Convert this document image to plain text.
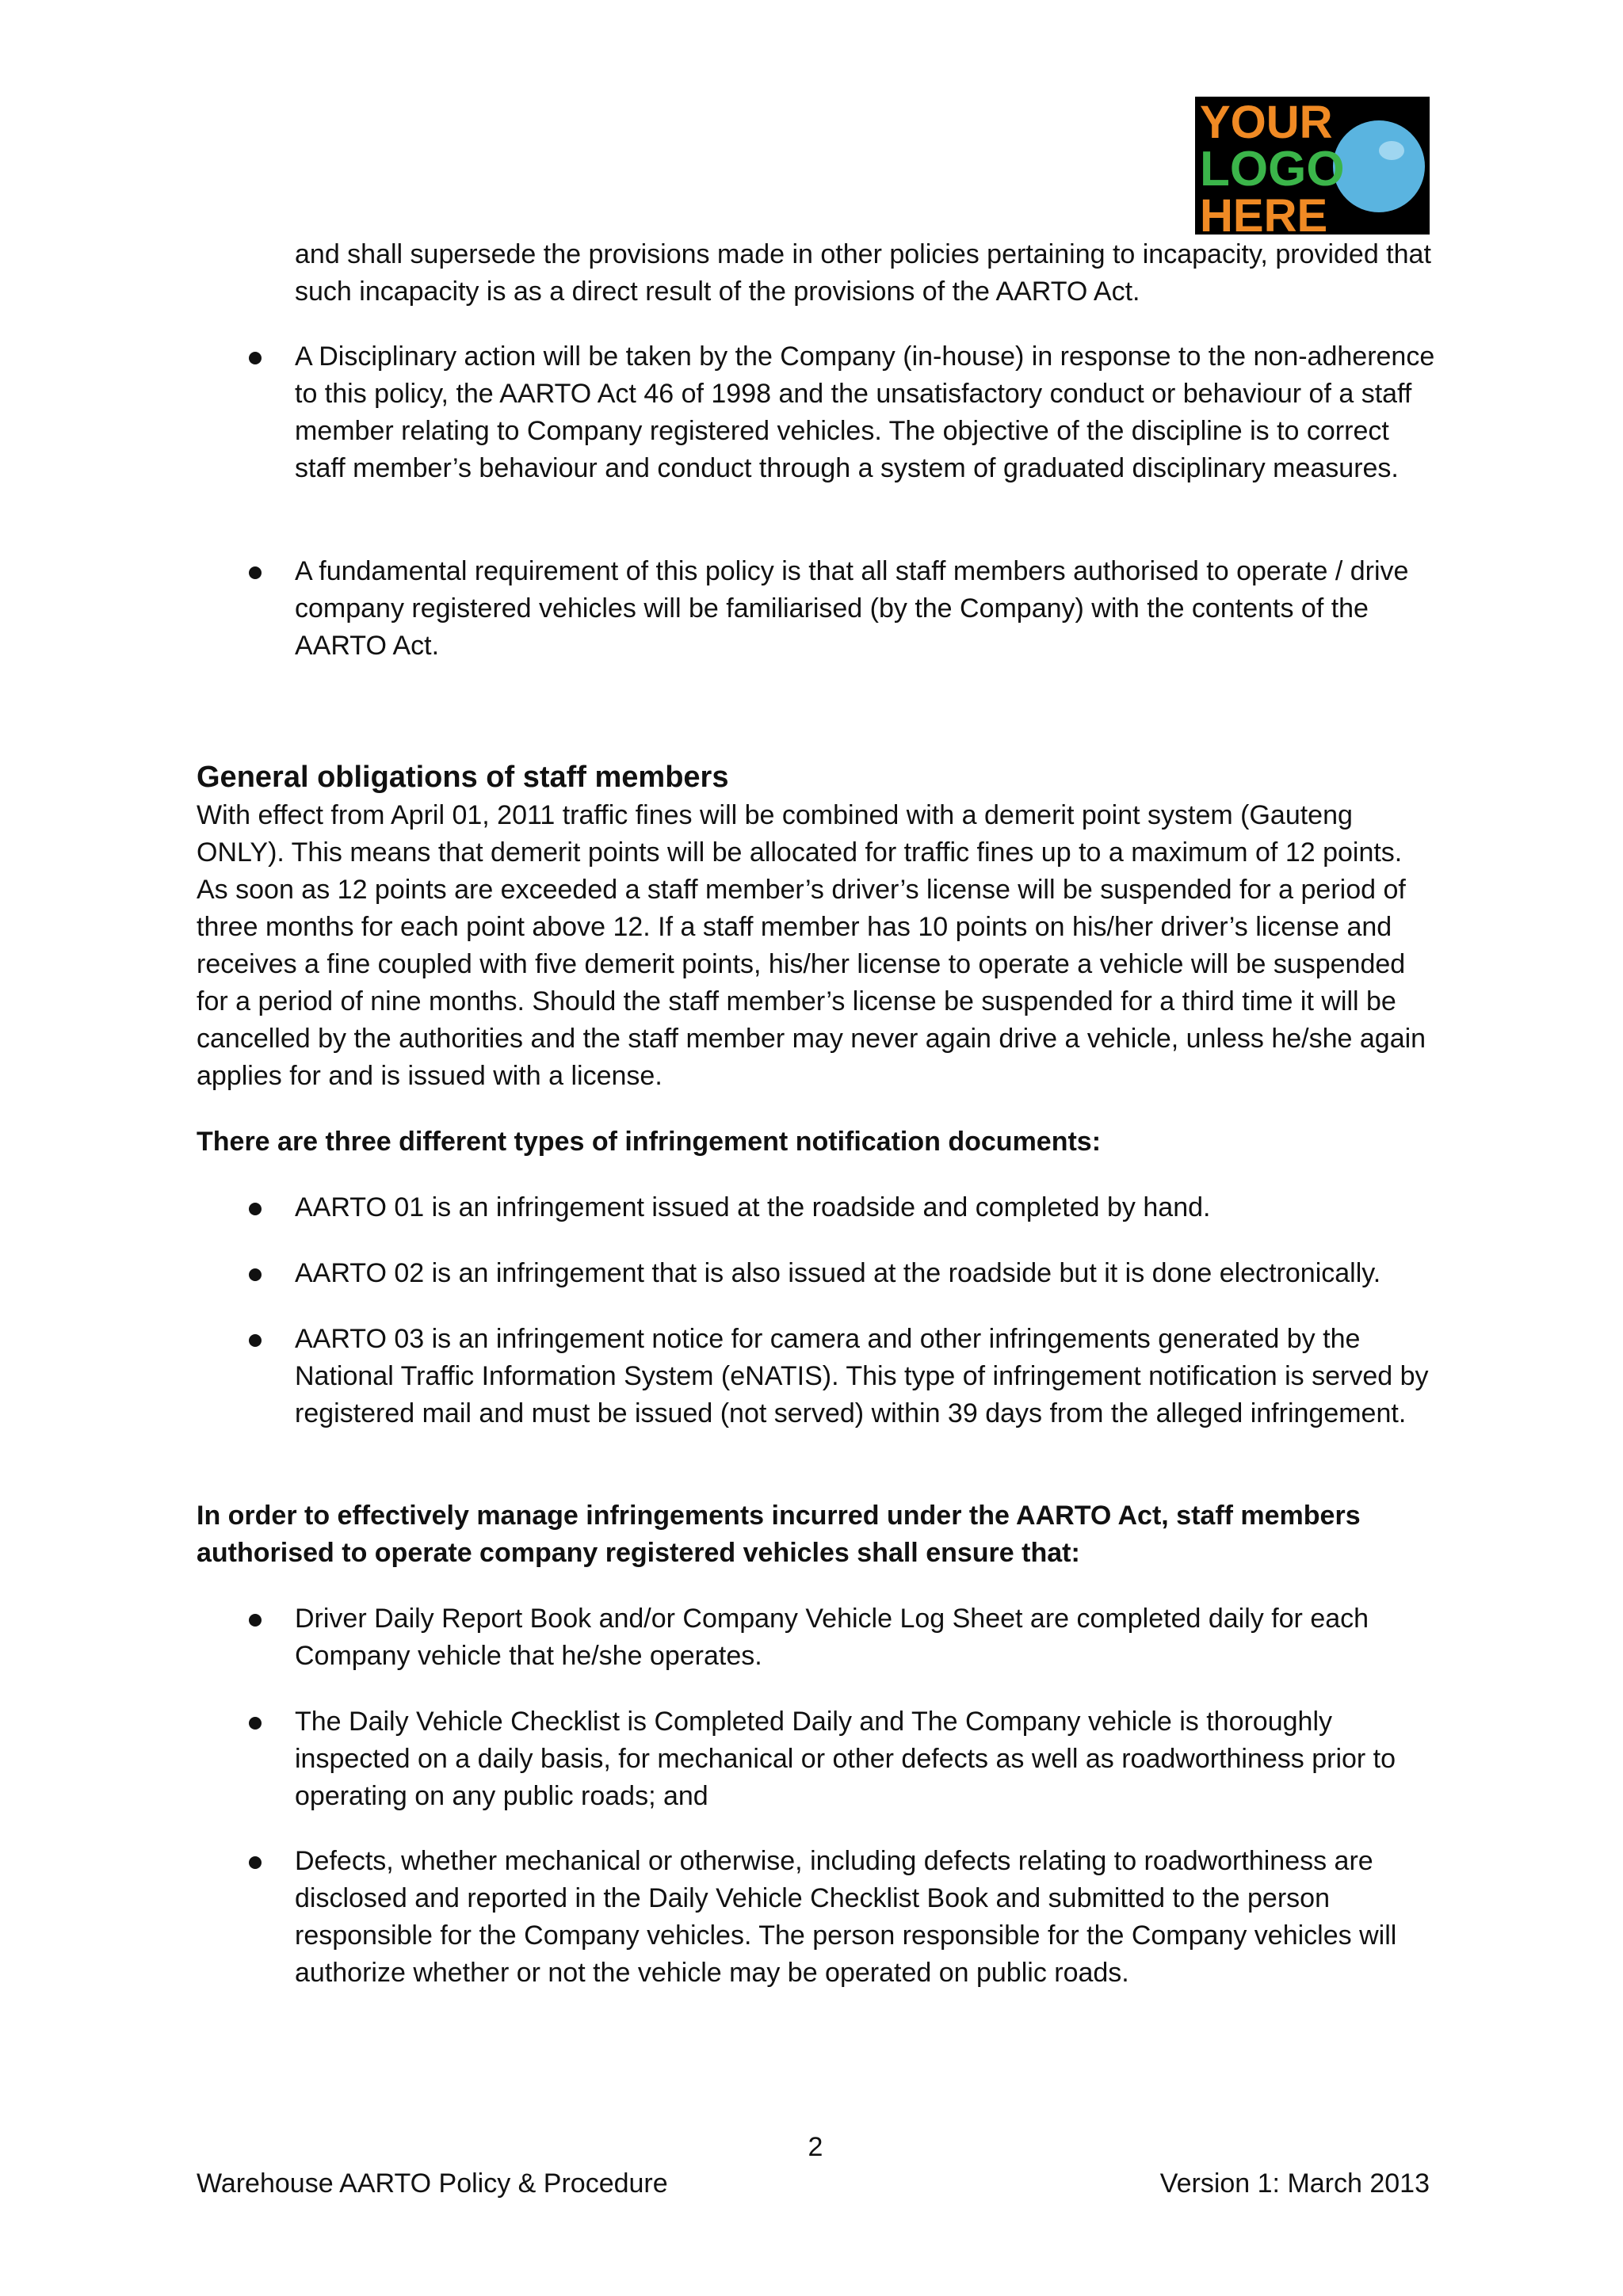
YOUR
LOGO
HERE

and shall supersede the provisions made in other policies pertaining to incapacity, provided that such incapacity is as a direct result of the provisions of the AARTO Act.

A Disciplinary action will be taken by the Company (in-house) in response to the non-adherence to this policy, the AARTO Act 46 of 1998 and the unsatisfactory conduct or behaviour of a staff member relating to Company registered vehicles. The objective of the discipline is to correct staff member’s behaviour and conduct through a system of graduated disciplinary measures.

A fundamental requirement of this policy is that all staff members authorised to operate / drive company registered vehicles will be familiarised (by the Company) with the contents of the AARTO Act.

General obligations of staff members

With effect from April 01, 2011 traffic fines will be combined with a demerit point system (Gauteng ONLY). This means that demerit points will be allocated for traffic fines up to a maximum of 12 points. As soon as 12 points are exceeded a staff member’s driver’s license will be suspended for a period of three months for each point above 12. If a staff member has 10 points on his/her driver’s license and receives a fine coupled with five demerit points, his/her license to operate a vehicle will be suspended for a period of nine months. Should the staff member’s license be suspended for a third time it will be cancelled by the authorities and the staff member may never again drive a vehicle, unless he/she again applies for and is issued with a license.

There are three different types of infringement notification documents:

AARTO 01 is an infringement issued at the roadside and completed by hand.

AARTO 02 is an infringement that is also issued at the roadside but it is done electronically.

AARTO 03 is an infringement notice for camera and other infringements generated by the National Traffic Information System (eNATIS). This type of infringement notification is served by registered mail and must be issued (not served) within 39 days from the alleged infringement.

In order to effectively manage infringements incurred under the AARTO Act, staff members authorised to operate company registered vehicles shall ensure that:

Driver Daily Report Book and/or Company Vehicle Log Sheet are completed daily for each Company vehicle that he/she operates.

The Daily Vehicle Checklist is Completed Daily and The Company vehicle is thoroughly inspected on a daily basis, for mechanical or other defects as well as roadworthiness prior to operating on any public roads; and

Defects, whether mechanical or otherwise, including defects relating to roadworthiness are disclosed and reported in the Daily Vehicle Checklist Book and submitted to the person responsible for the Company vehicles. The person responsible for the Company vehicles will authorize whether or not the vehicle may be operated on public roads.

2
Warehouse AARTO Policy & Procedure	Version 1: March 2013
